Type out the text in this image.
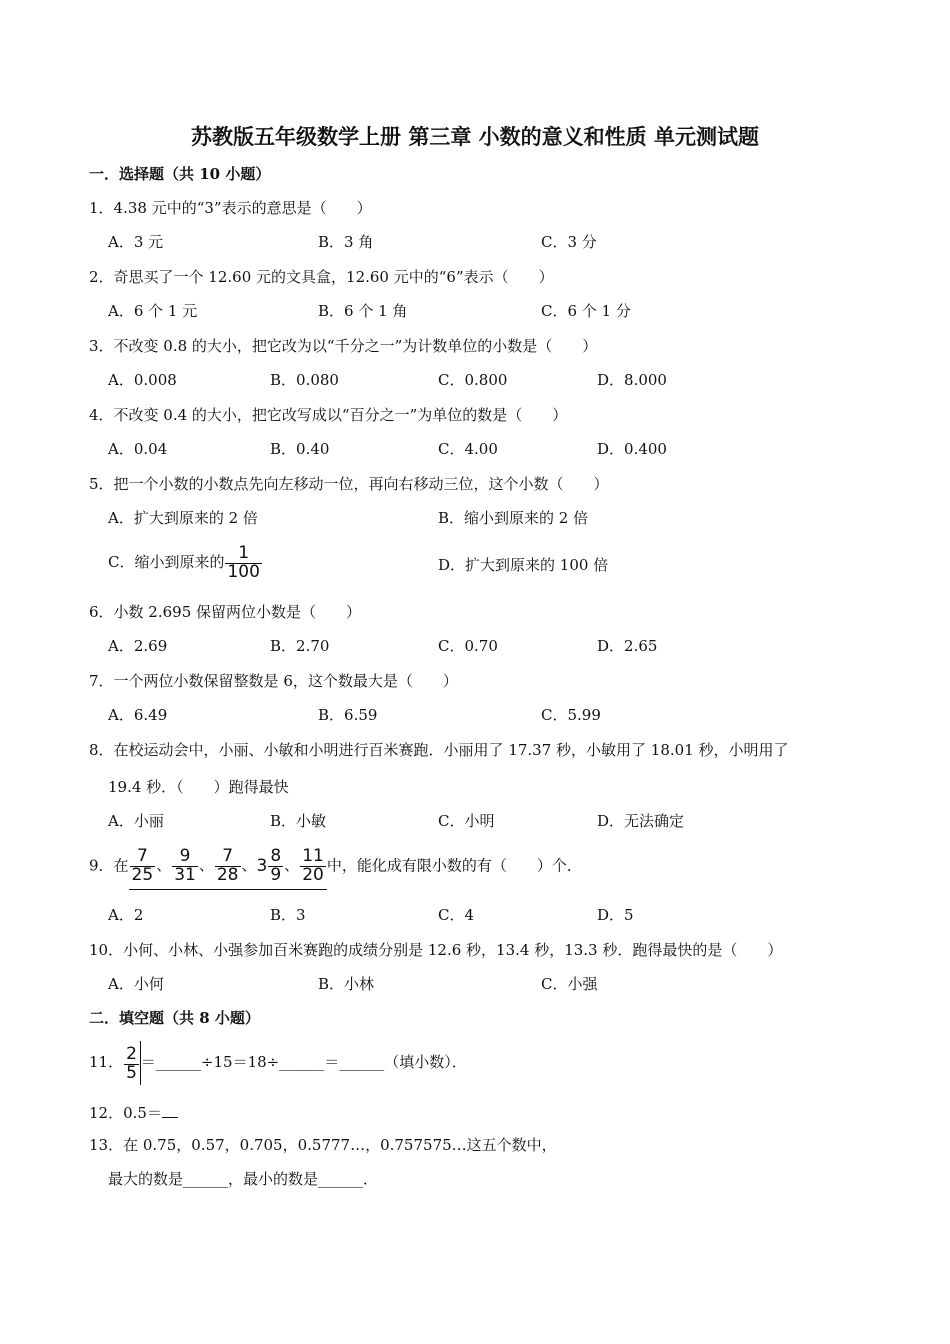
苏教版五年级数学上册 第三章 小数的意义和性质 单元测试题
一．选择题（共 10 小题）
1．4.38 元中的“3”表示的意思是（　　）
A．3 元	B．3 角	C．3 分
2．奇思买了一个 12.60 元的文具盒，12.60 元中的“6”表示（　　）
A．6 个 1 元	B．6 个 1 角	C．6 个 1 分
3．不改变 0.8 的大小，把它改为以“千分之一”为计数单位的小数是（　　）
A．0.008	B．0.080	C．0.800	D．8.000
4．不改变 0.4 的大小，把它改写成以“百分之一”为单位的数是（　　）
A．0.04	B．0.40	C．4.00	D．0.400
5．把一个小数的小数点先向左移动一位，再向右移动三位，这个小数（　　）
A．扩大到原来的 2 倍	B．缩小到原来的 2 倍
C．缩小到原来的 $\frac{1}{100}$	D．扩大到原来的 100 倍
6．小数 2.695 保留两位小数是（　　）
A．2.69	B．2.70	C．0.70	D．2.65
7．一个两位小数保留整数是 6，这个数最大是（　　）
A．6.49	B．6.59	C．5.99
8．在校运动会中，小丽、小敏和小明进行百米赛跑．小丽用了 17.37 秒，小敏用了 18.01 秒，小明用了
19.4 秒．（　　）跑得最快
A．小丽	B．小敏	C．小明	D．无法确定
9．在 $\frac{7}{25}$ 、 $\frac{9}{31}$ 、 $\frac{7}{28}$ 、$3 \frac{8}{9}$ 、 $\frac{11}{20}$ 中，能化成有限小数的有（　　）个．
A．2	B．3	C．4	D．5
10．小何、小林、小强参加百米赛跑的成绩分别是 12.6 秒，13.4 秒，13.3 秒．跑得最快的是（　　）
A．小何	B．小林	C．小强
二．填空题（共 8 小题）
11． $\frac{2}{5}$ ＝______÷15＝18÷______＝______（填小数）．
12．0.5＝
13．在 0.75，0.57，0.705，0.5777…，0.757575…这五个数中，
最大的数是______，最小的数是______．
